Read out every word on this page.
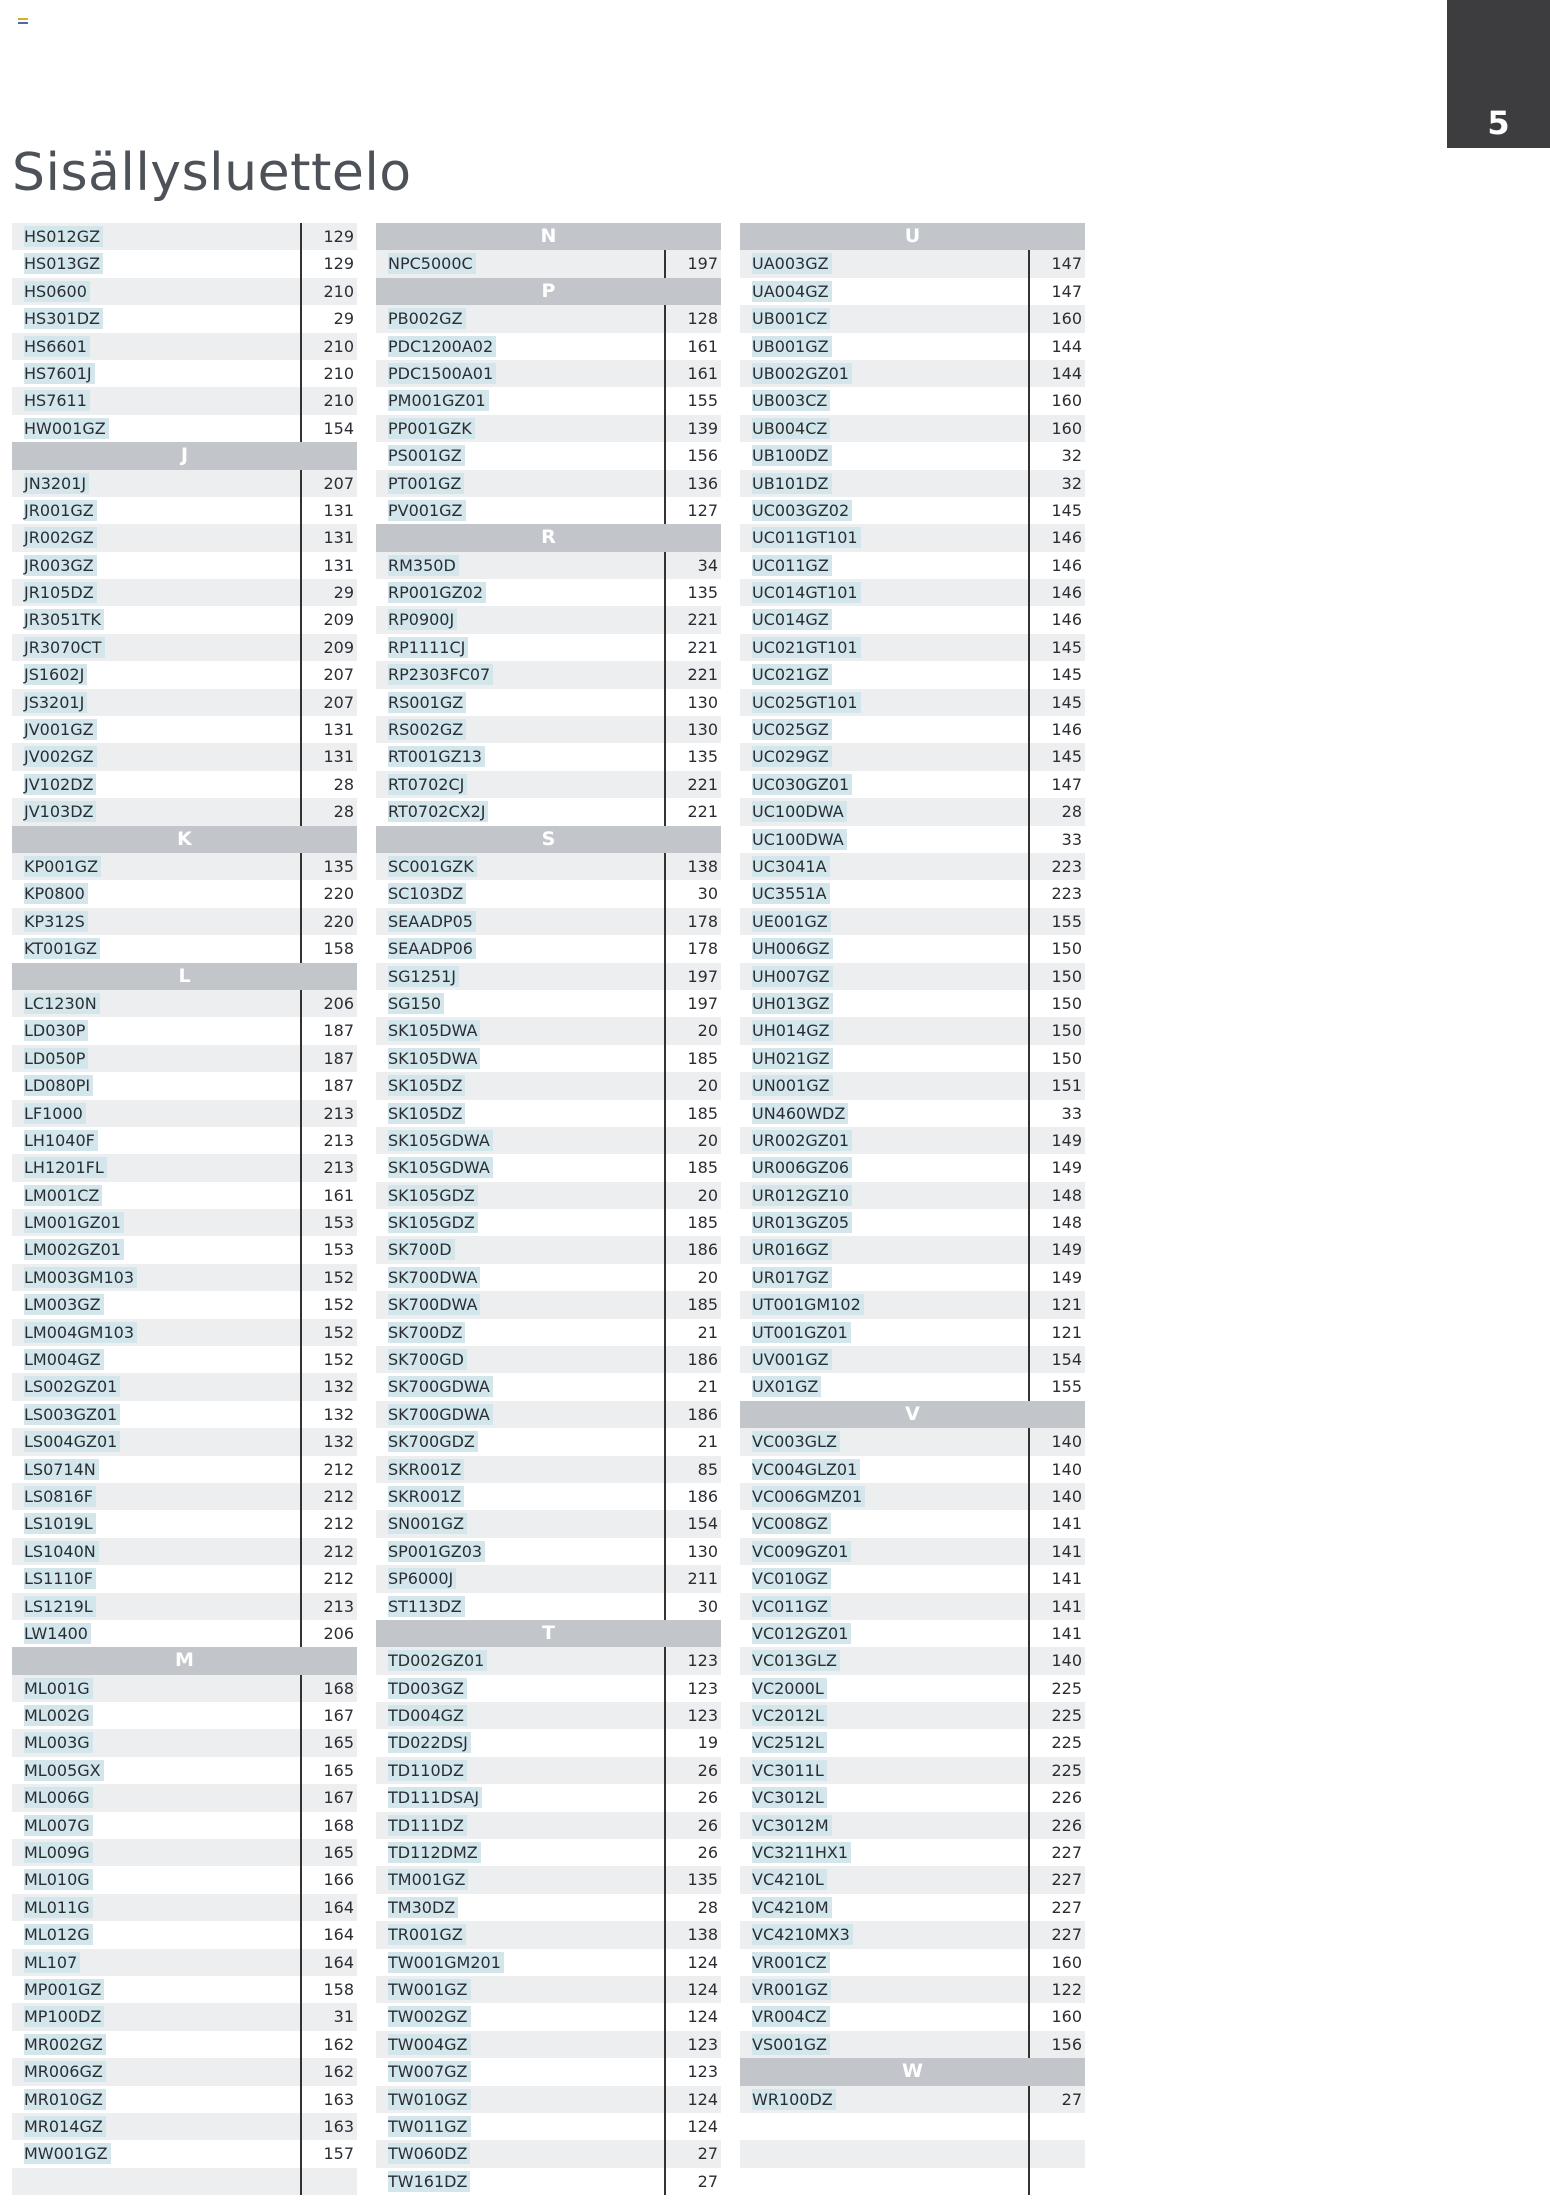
5
Sisällysluettelo
HS012GZ	129
HS013GZ	129
HS0600	210
HS301DZ	29
HS6601	210
HS7601J	210
HS7611	210
HW001GZ	154
J
JN3201J	207
JR001GZ	131
JR002GZ	131
JR003GZ	131
JR105DZ	29
JR3051TK	209
JR3070CT	209
JS1602J	207
JS3201J	207
JV001GZ	131
JV002GZ	131
JV102DZ	28
JV103DZ	28
K
KP001GZ	135
KP0800	220
KP312S	220
KT001GZ	158
L
LC1230N	206
LD030P	187
LD050P	187
LD080PI	187
LF1000	213
LH1040F	213
LH1201FL	213
LM001CZ	161
LM001GZ01	153
LM002GZ01	153
LM003GM103	152
LM003GZ	152
LM004GM103	152
LM004GZ	152
LS002GZ01	132
LS003GZ01	132
LS004GZ01	132
LS0714N	212
LS0816F	212
LS1019L	212
LS1040N	212
LS1110F	212
LS1219L	213
LW1400	206
M
ML001G	168
ML002G	167
ML003G	165
ML005GX	165
ML006G	167
ML007G	168
ML009G	165
ML010G	166
ML011G	164
ML012G	164
ML107	164
MP001GZ	158
MP100DZ	31
MR002GZ	162
MR006GZ	162
MR010GZ	163
MR014GZ	163
MW001GZ	157
N
NPC5000C	197
P
PB002GZ	128
PDC1200A02	161
PDC1500A01	161
PM001GZ01	155
PP001GZK	139
PS001GZ	156
PT001GZ	136
PV001GZ	127
R
RM350D	34
RP001GZ02	135
RP0900J	221
RP1111CJ	221
RP2303FC07	221
RS001GZ	130
RS002GZ	130
RT001GZ13	135
RT0702CJ	221
RT0702CX2J	221
S
SC001GZK	138
SC103DZ	30
SEAADP05	178
SEAADP06	178
SG1251J	197
SG150	197
SK105DWA	20
SK105DWA	185
SK105DZ	20
SK105DZ	185
SK105GDWA	20
SK105GDWA	185
SK105GDZ	20
SK105GDZ	185
SK700D	186
SK700DWA	20
SK700DWA	185
SK700DZ	21
SK700GD	186
SK700GDWA	21
SK700GDWA	186
SK700GDZ	21
SKR001Z	85
SKR001Z	186
SN001GZ	154
SP001GZ03	130
SP6000J	211
ST113DZ	30
T
TD002GZ01	123
TD003GZ	123
TD004GZ	123
TD022DSJ	19
TD110DZ	26
TD111DSAJ	26
TD111DZ	26
TD112DMZ	26
TM001GZ	135
TM30DZ	28
TR001GZ	138
TW001GM201	124
TW001GZ	124
TW002GZ	124
TW004GZ	123
TW007GZ	123
TW010GZ	124
TW011GZ	124
TW060DZ	27
TW161DZ	27
U
UA003GZ	147
UA004GZ	147
UB001CZ	160
UB001GZ	144
UB002GZ01	144
UB003CZ	160
UB004CZ	160
UB100DZ	32
UB101DZ	32
UC003GZ02	145
UC011GT101	146
UC011GZ	146
UC014GT101	146
UC014GZ	146
UC021GT101	145
UC021GZ	145
UC025GT101	145
UC025GZ	146
UC029GZ	145
UC030GZ01	147
UC100DWA	28
UC100DWA	33
UC3041A	223
UC3551A	223
UE001GZ	155
UH006GZ	150
UH007GZ	150
UH013GZ	150
UH014GZ	150
UH021GZ	150
UN001GZ	151
UN460WDZ	33
UR002GZ01	149
UR006GZ06	149
UR012GZ10	148
UR013GZ05	148
UR016GZ	149
UR017GZ	149
UT001GM102	121
UT001GZ01	121
UV001GZ	154
UX01GZ	155
V
VC003GLZ	140
VC004GLZ01	140
VC006GMZ01	140
VC008GZ	141
VC009GZ01	141
VC010GZ	141
VC011GZ	141
VC012GZ01	141
VC013GLZ	140
VC2000L	225
VC2012L	225
VC2512L	225
VC3011L	225
VC3012L	226
VC3012M	226
VC3211HX1	227
VC4210L	227
VC4210M	227
VC4210MX3	227
VR001CZ	160
VR001GZ	122
VR004CZ	160
VS001GZ	156
W
WR100DZ	27
